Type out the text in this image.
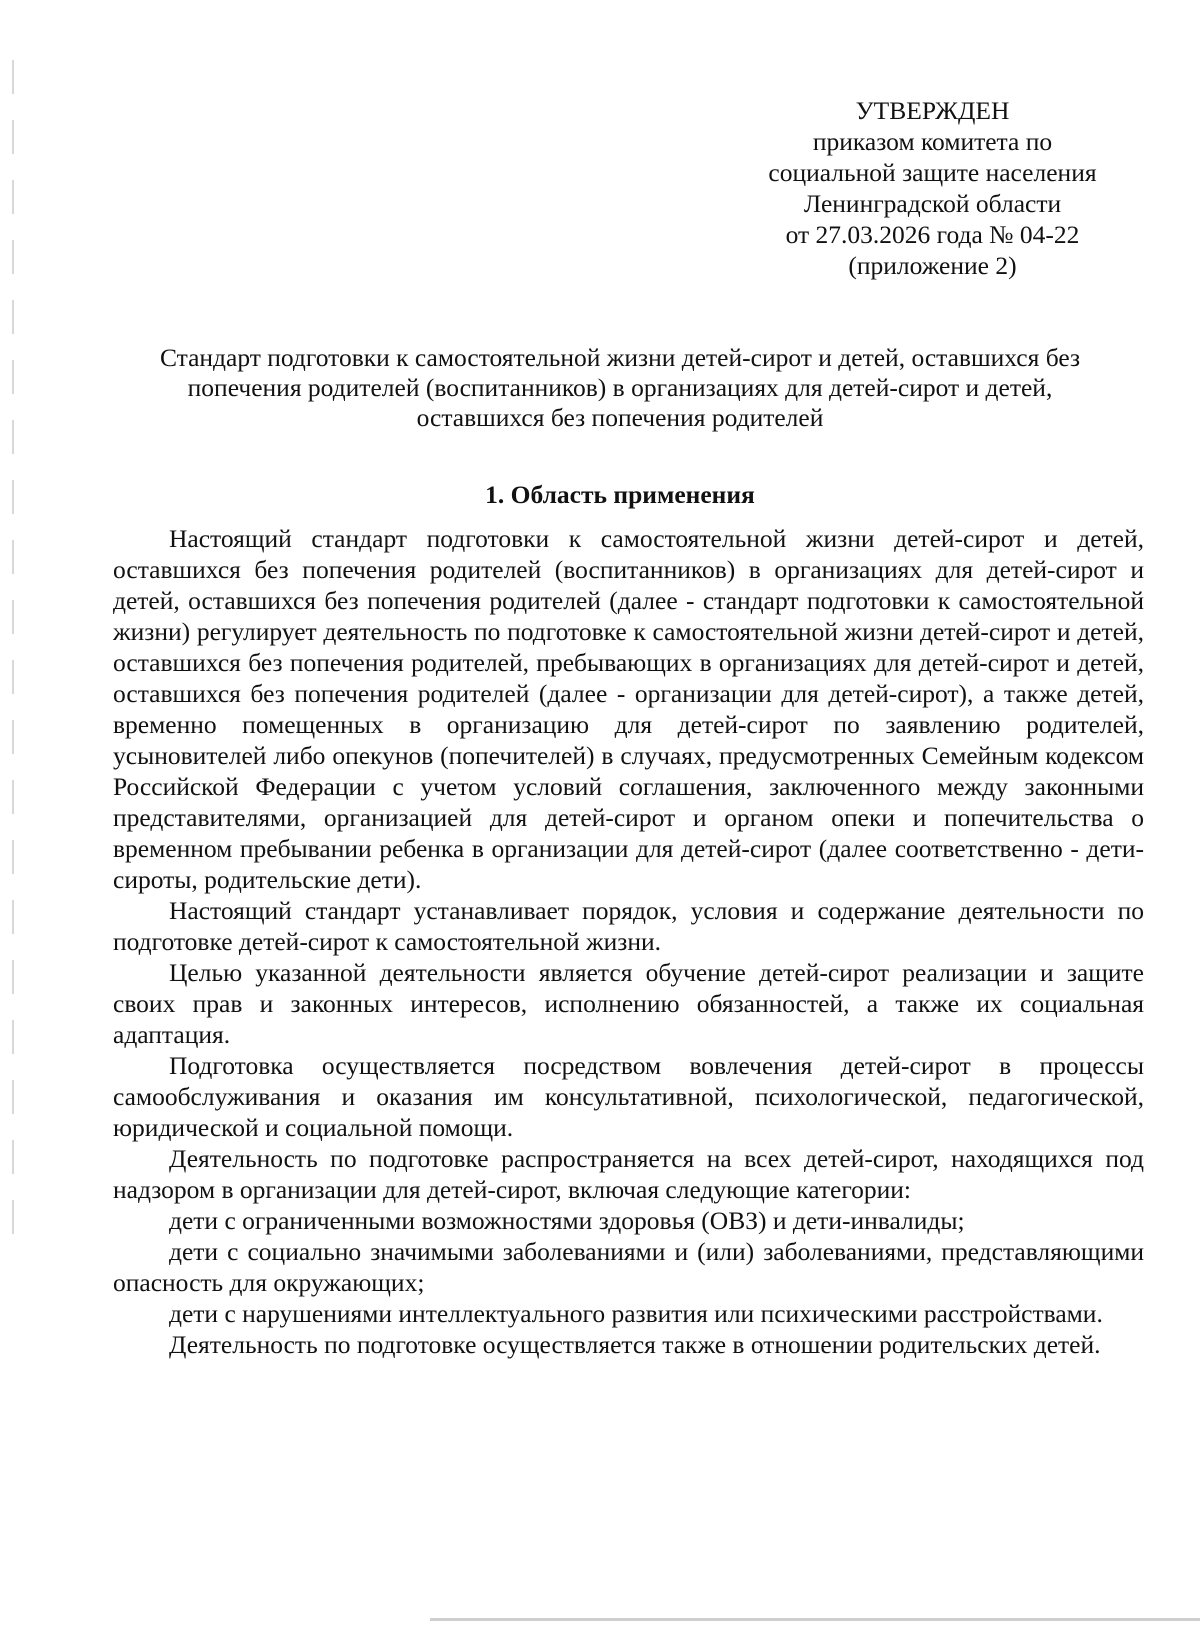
УТВЕРЖДЕН
приказом комитета по
социальной защите населения
Ленинградской области
от 27.03.2026 года № 04-22
(приложение 2)
Стандарт подготовки к самостоятельной жизни детей-сирот и детей, оставшихся без
попечения родителей (воспитанников) в организациях для детей-сирот и детей,
оставшихся без попечения родителей
1. Область применения

Настоящий стандарт подготовки к самостоятельной жизни детей-сирот и детей, оставшихся без попечения родителей (воспитанников) в организациях для детей-сирот и детей, оставшихся без попечения родителей (далее - стандарт подготовки к самостоятельной жизни) регулирует деятельность по подготовке к самостоятельной жизни детей-сирот и детей, оставшихся без попечения родителей, пребывающих в организациях для детей-сирот и детей, оставшихся без попечения родителей (далее - организации для детей-сирот), а также детей, временно помещенных в организацию для детей-сирот по заявлению родителей, усыновителей либо опекунов (попечителей) в случаях, предусмотренных Семейным кодексом Российской Федерации с учетом условий соглашения, заключенного между законными представителями, организацией для детей-сирот и органом опеки и попечительства о временном пребывании ребенка в организации для детей-сирот (далее соответственно - дети-сироты, родительские дети).

Настоящий стандарт устанавливает порядок, условия и содержание деятельности по подготовке детей-сирот к самостоятельной жизни.

Целью указанной деятельности является обучение детей-сирот реализации и защите своих прав и законных интересов, исполнению обязанностей, а также их социальная адаптация.

Подготовка осуществляется посредством вовлечения детей-сирот в процессы самообслуживания и оказания им консультативной, психологической, педагогической, юридической и социальной помощи.

Деятельность по подготовке распространяется на всех детей-сирот, находящихся под надзором в организации для детей-сирот, включая следующие категории:

дети с ограниченными возможностями здоровья (ОВЗ) и дети-инвалиды;

дети с социально значимыми заболеваниями и (или) заболеваниями, представляющими опасность для окружающих;

дети с нарушениями интеллектуального развития или психическими расстройствами.

Деятельность по подготовке осуществляется также в отношении родительских детей.
